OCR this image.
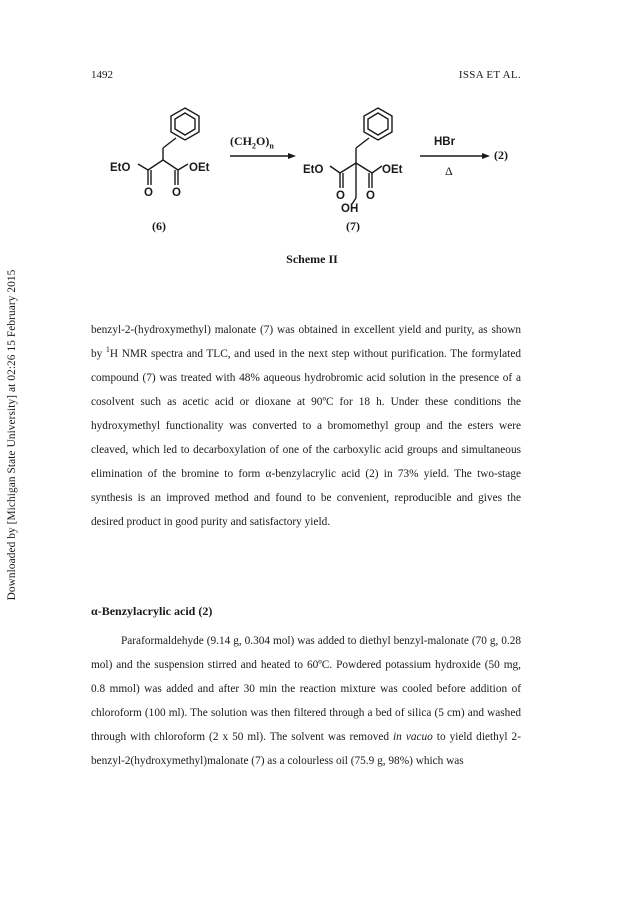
Downloaded by [Michigan State University] at 02:26 15 February 2015
1492	ISSA ET AL.
EtO	OEt
O O
(6)
$(CH_2O)_n$
EtO	OEt
O O
OH
(7)
HBr
Δ
(2)
Scheme II

benzyl-2-(hydroxymethyl) malonate (7) was obtained in excellent yield and purity, as shown by $^1$H NMR spectra and TLC, and used in the next step without purification. The formylated compound (7) was treated with 48% aqueous hydrobromic acid solution in the presence of a cosolvent such as acetic acid or dioxane at 90ºC for 18 h. Under these conditions the hydroxymethyl functionality was converted to a bromomethyl group and the esters were cleaved, which led to decarboxylation of one of the carboxylic acid groups and simultaneous elimination of the bromine to form α-benzylacrylic acid (2) in 73% yield. The two-stage synthesis is an improved method and found to be convenient, reproducible and gives the desired product in good purity and satisfactory yield.

α-Benzylacrylic acid (2)

Paraformaldehyde (9.14 g, 0.304 mol) was added to diethyl benzyl-malonate (70 g, 0.28 mol) and the suspension stirred and heated to 60ºC. Powdered potassium hydroxide (50 mg, 0.8 mmol) was added and after 30 min the reaction mixture was cooled before addition of chloroform (100 ml). The solution was then filtered through a bed of silica (5 cm) and washed through with chloroform (2 x 50 ml). The solvent was removed in vacuo to yield diethyl 2-benzyl-2(hydroxymethyl)malonate (7) as a colourless oil (75.9 g, 98%) which was
